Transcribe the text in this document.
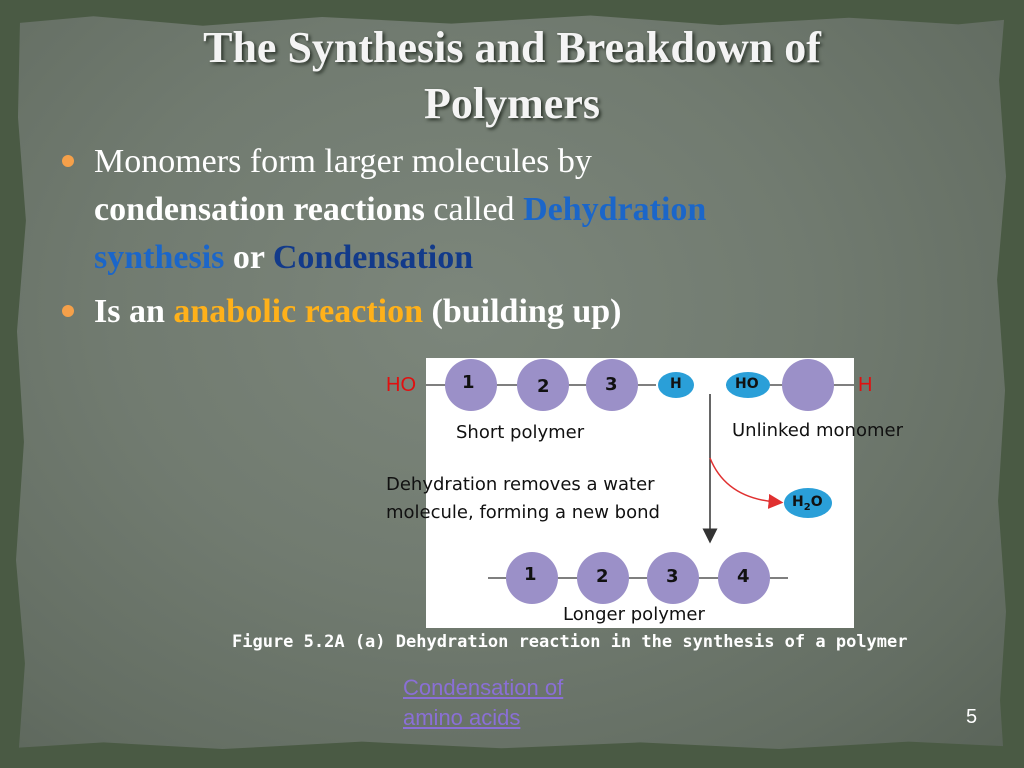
The Synthesis and Breakdown of
Polymers
Monomers form larger molecules by
condensation reactions called Dehydration
synthesis or Condensation
Is an anabolic reaction (building up)
1	2	3	H	HO
Short polymer	Unlinked monomer
$H_2O$
1	2	3	4
Longer polymer
HO	H
Dehydration removes a water
molecule, forming a new bond
Figure 5.2A (a) Dehydration reaction in the synthesis of a polymer
Condensation of amino acids	5
